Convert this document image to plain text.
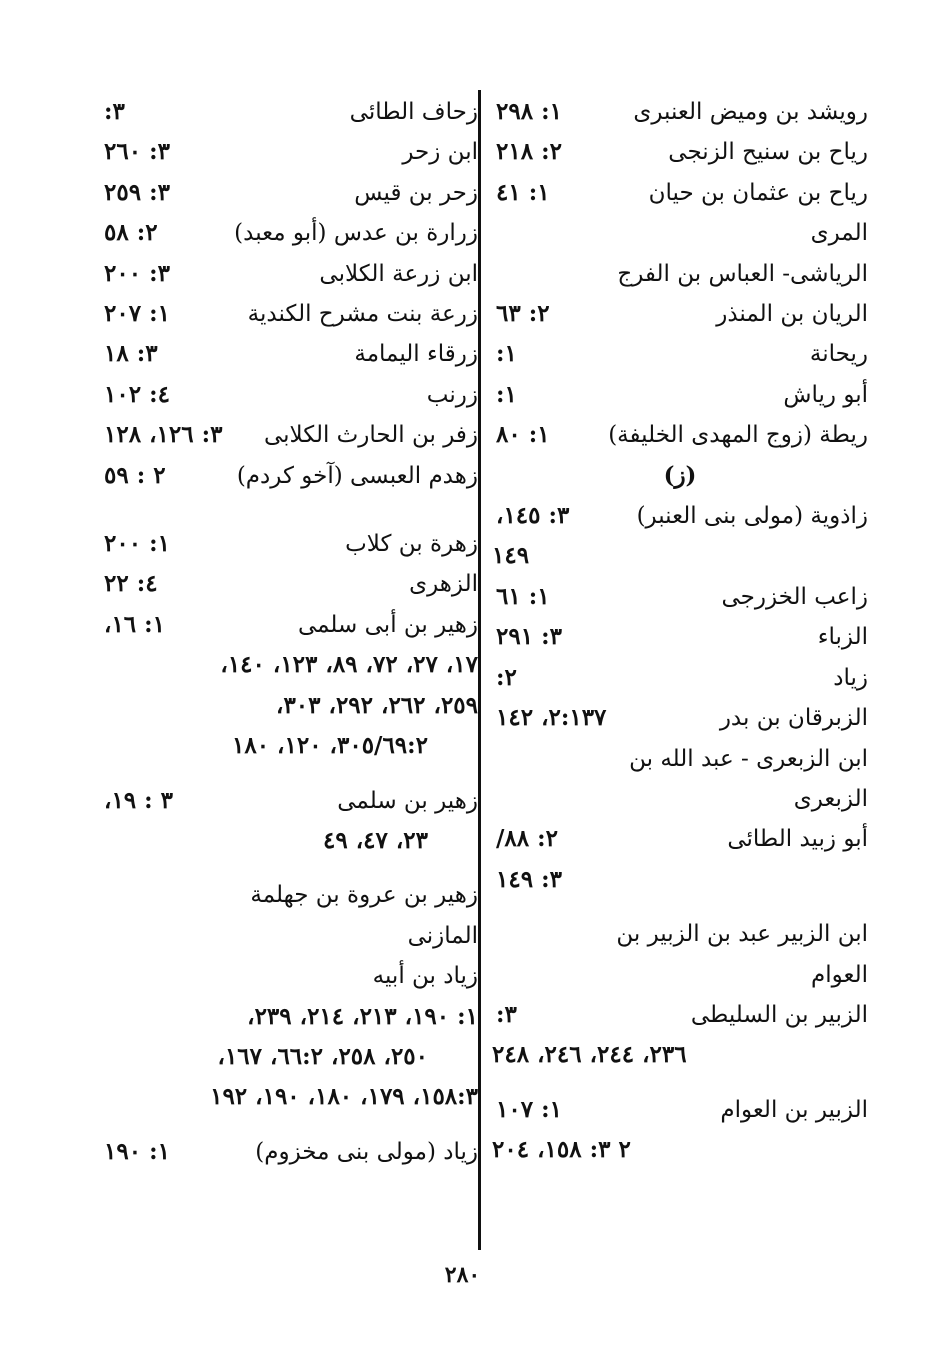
رويشد بن وميض العنبرى
١: ٢٩٨
رياح بن سنيح الزنجى
٢: ٢١٨
رياح بن عثمان بن حيان
١: ٤١
المرى
الرياشى- العباس بن الفرج
الريان بن المنذر
٢: ٦٣
ريحانة
١:
أبو رياش
١:
ريطة (زوج المهدى الخليفة)
١: ٨٠
(ز)
زاذوية (مولى بنى العنبر)
٣: ١٤٥،
١٤٩
زاعب الخزرجى
١: ٦١
الزباء
٣: ٢٩١
زياد
٢:
الزبرقان بن بدر
٢:١٣٧، ١٤٢
ابن الزبعرى - عبد الله بن
الزبعرى
أبو زبيد الطائى
٢: ٨٨/
٣: ١٤٩
ابن الزبير عبد بن الزبير بن
العوام
الزبير بن السليطى
٣:
٢٣٦، ٢٤٤، ٢٤٦، ٢٤٨
الزبير بن العوام
١: ١٠٧
٢ ٣: ١٥٨، ٢٠٤
زحاف الطائى
٣:
ابن زحر
٣: ٢٦٠
زحر بن قيس
٣: ٢٥٩
زرارة بن عدس (أبو معبد)
٢: ٥٨
ابن زرعة الكلابى
٣: ٢٠٠
زرعة بنت مشرح الكندية
١: ٢٠٧
زرقاء اليمامة
٣: ١٨
زرنب
٤: ١٠٢
زفر بن الحارث الكلابى
٣: ١٢٦، ١٢٨
زهدم العبسى (آخو كردم)
٢ : ٥٩
زهرة بن كلاب
١: ٢٠٠
الزهرى
٤: ٢٢
زهير بن أبى سلمى
١: ١٦،
١٧، ٢٧، ٧٢، ٨٩، ١٢٣، ١٤٠،
٢٥٩، ٢٦٢، ٢٩٢، ٣٠٣،
٣٠٥/٦٩:٢، ١٢٠، ١٨٠
زهير بن سلمى
٣ : ١٩،
٢٣، ٤٧، ٤٩
زهير بن عروة بن جهلمة
المازنى
زياد بن أبيه
١: ١٩٠، ٢١٣، ٢١٤، ٢٣٩،
٢٥٠، ٢٥٨، ٦٦:٢، ١٦٧،
١٥٨:٣، ١٧٩، ١٨٠، ١٩٠، ١٩٢
زياد (مولى بنى مخزوم)
١: ١٩٠
٢٨٠
